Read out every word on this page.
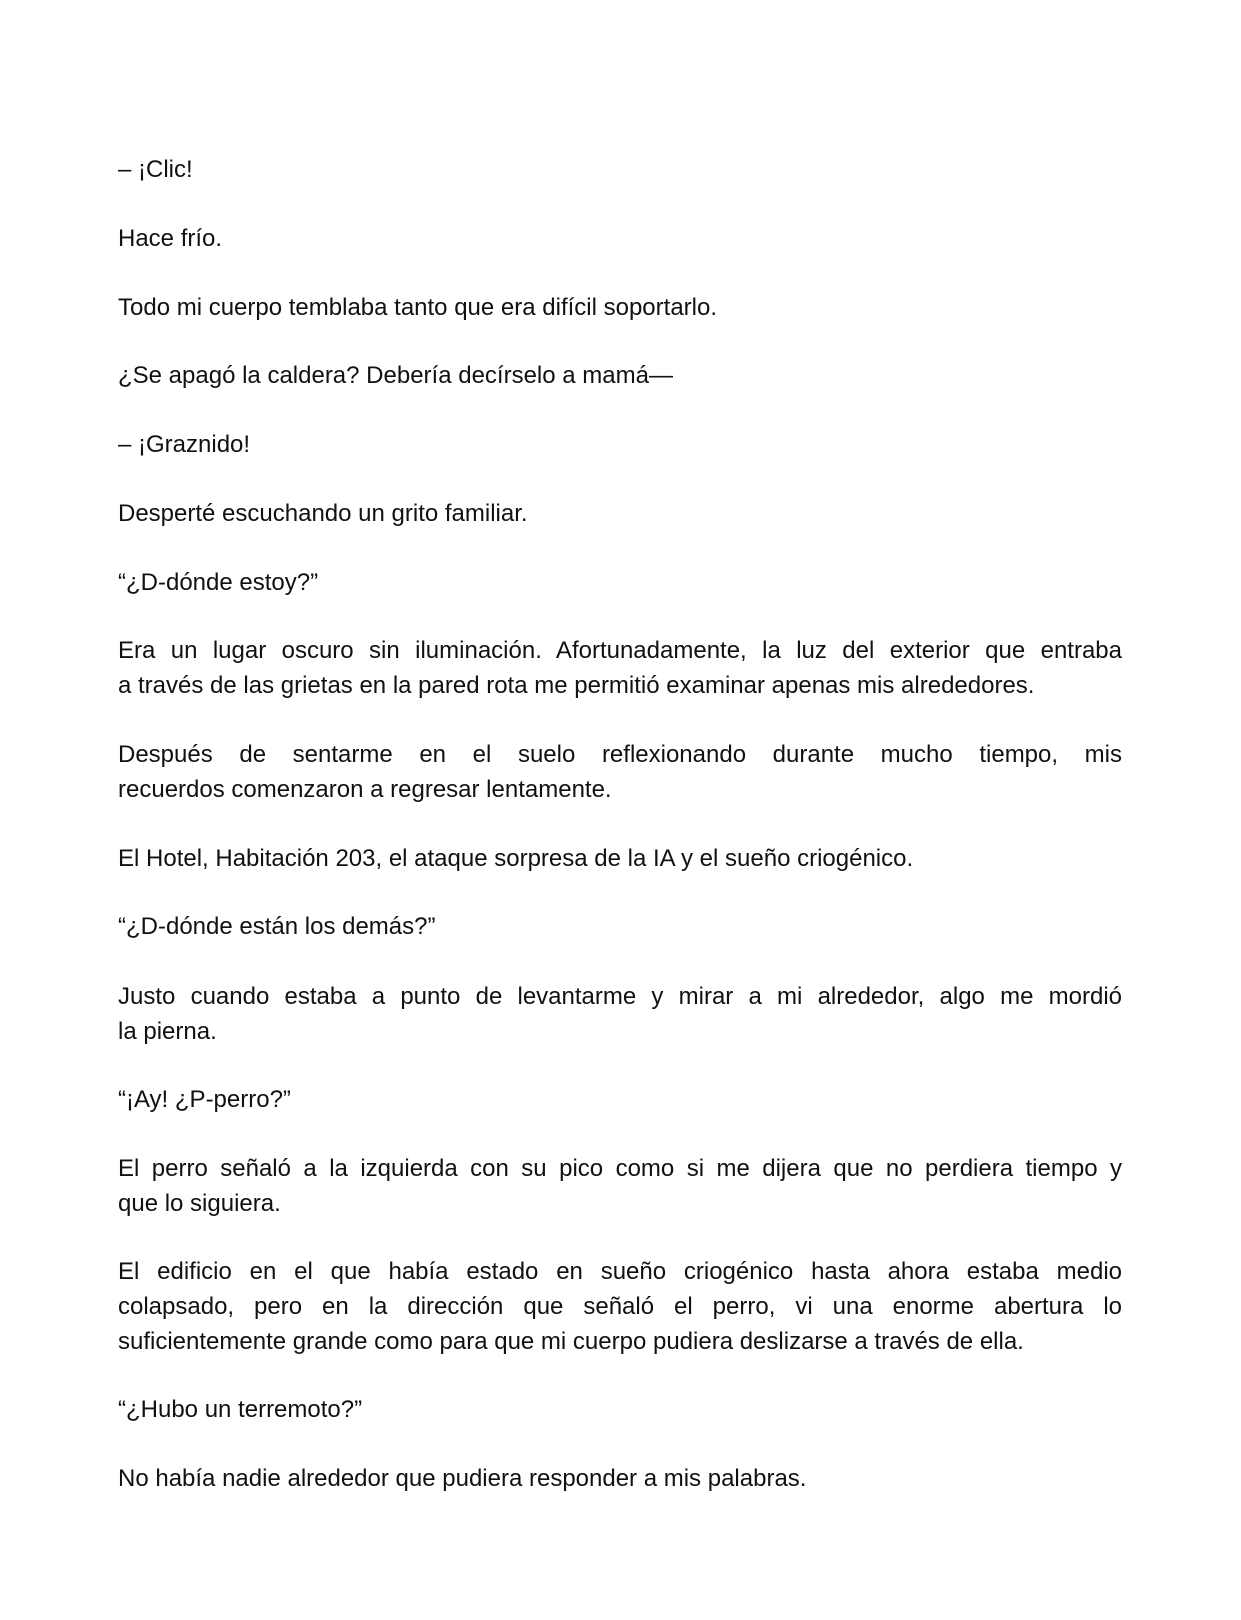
– ¡Clic!

Hace frío.

Todo mi cuerpo temblaba tanto que era difícil soportarlo.

¿Se apagó la caldera? Debería decírselo a mamá—

– ¡Graznido!

Desperté escuchando un grito familiar.

“¿D-dónde estoy?”

Era un lugar oscuro sin iluminación. Afortunadamente, la luz del exterior que entraba
a través de las grietas en la pared rota me permitió examinar apenas mis alrededores.

Después de sentarme en el suelo reflexionando durante mucho tiempo, mis
recuerdos comenzaron a regresar lentamente.

El Hotel, Habitación 203, el ataque sorpresa de la IA y el sueño criogénico.

“¿D-dónde están los demás?”

Justo cuando estaba a punto de levantarme y mirar a mi alrededor, algo me mordió
la pierna.

“¡Ay! ¿P-perro?”

El perro señaló a la izquierda con su pico como si me dijera que no perdiera tiempo y
que lo siguiera.

El edificio en el que había estado en sueño criogénico hasta ahora estaba medio
colapsado, pero en la dirección que señaló el perro, vi una enorme abertura lo
suficientemente grande como para que mi cuerpo pudiera deslizarse a través de ella.

“¿Hubo un terremoto?”

No había nadie alrededor que pudiera responder a mis palabras.
